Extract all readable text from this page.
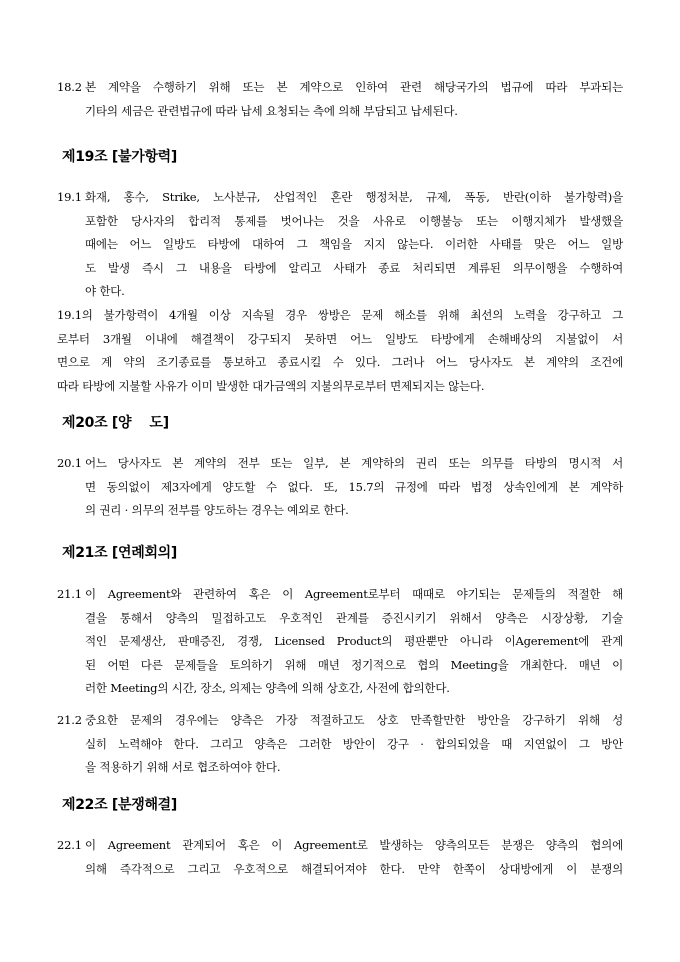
18.2 본 계약을 수행하기 위해 또는 본 계약으로 인하여 관련 해당국가의 법규에 따라 부과되는
기타의 세금은 관련법규에 따라 납세 요청되는 측에 의해 부담되고 납세된다.
제19조 [불가항력]
19.1 화재, 홍수, Strike, 노사분규, 산업적인 혼란 행정처분, 규제, 폭동, 반란(이하 불가항력)을
포함한 당사자의 합리적 통제를 벗어나는 것을 사유로 이행불능 또는 이행지체가 발생했을
때에는 어느 일방도 타방에 대하여 그 책임을 지지 않는다. 이러한 사태를 맞은 어느 일방
도 발생 즉시 그 내용을 타방에 알리고 사태가 종료 처리되면 계류된 의무이행을 수행하여
야 한다.
19.1의 불가항력이 4개월 이상 지속될 경우 쌍방은 문제 해소를 위해 최선의 노력을 강구하고 그
로부터 3개월 이내에 해결책이 강구되지 못하면 어느 일방도 타방에게 손해배상의 지불없이 서
면으로 계 약의 조기종료를 통보하고 종료시킬 수 있다. 그러나 어느 당사자도 본 계약의 조건에
따라 타방에 지불할 사유가 이미 발생한 대가금액의 지불의무로부터 면제되지는 않는다.
제20조 [양    도]
20.1 어느 당사자도 본 계약의 전부 또는 일부, 본 계약하의 권리 또는 의무를 타방의 명시적 서
면 동의없이 제3자에게 양도할 수 없다. 또, 15.7의 규정에 따라 법정 상속인에게 본 계약하
의 권리 · 의무의 전부를 양도하는 경우는 예외로 한다.
제21조 [연례회의]
21.1 이 Agreement와 관련하여 혹은 이 Agreement로부터 때때로 야기되는 문제들의 적절한 해
결을 통해서 양측의 밀접하고도 우호적인 관계를 증진시키기 위해서 양측은 시장상황, 기술
적인 문제생산, 판매증진, 경쟁, Licensed Product의 평판뿐만 아니라 이Agerement에 관계
된 어떤 다른 문제들을 토의하기 위해 매년 정기적으로 협의 Meeting을 개최한다. 매년 이
러한 Meeting의 시간, 장소, 의제는 양측에 의해 상호간, 사전에 합의한다.
21.2 중요한 문제의 경우에는 양측은 가장 적절하고도 상호 만족할만한 방안을 강구하기 위해 성
실히 노력해야 한다. 그리고 양측은 그러한 방안이 강구 · 합의되었을 때 지연없이 그 방안
을 적용하기 위해 서로 협조하여야 한다.
제22조 [분쟁해결]
22.1 이 Agreement 관계되어 혹은 이 Agreement로 발생하는 양측의모든 분쟁은 양측의 협의에
의해 즉각적으로 그리고 우호적으로 해결되어져야 한다. 만약 한쪽이 상대방에게 이 분쟁의
